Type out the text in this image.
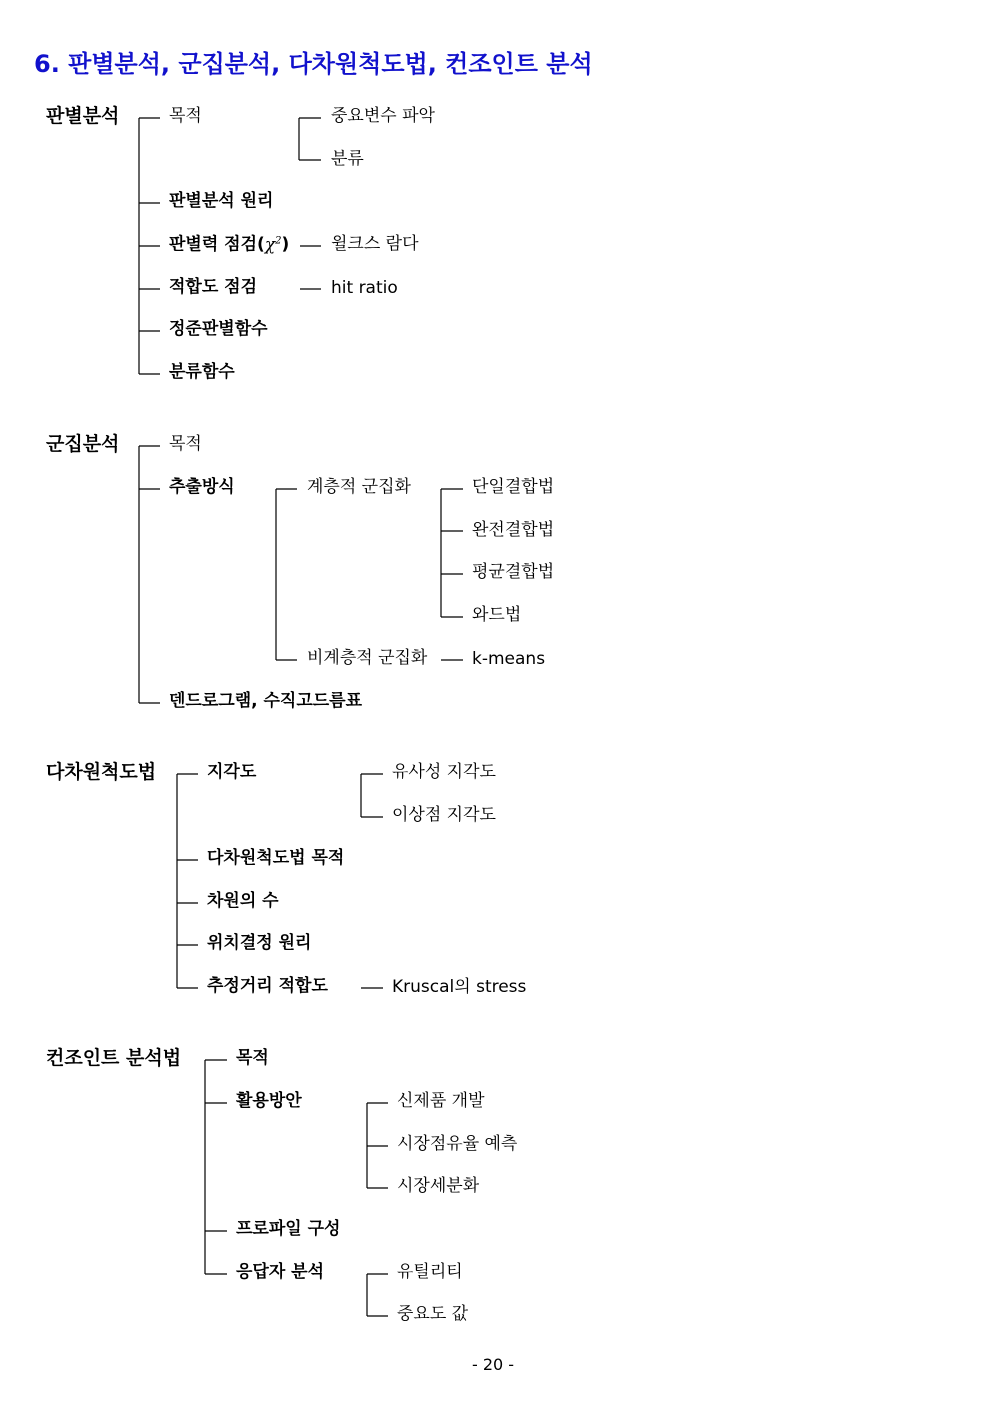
6. 판별분석, 군집분석, 다차원척도법, 컨조인트 분석
판별분석	목적	중요변수 파악
분류
판별분석 원리
판별력 점검$(\chi^2)$ 윌크스 람다
적합도 점검	hit ratio
정준판별함수
분류함수
군집분석	목적
추출방식	계층적 군집화	단일결합법
완전결합법
평균결합법
와드법
비계층적 군집화	k-means
덴드로그램, 수직고드름표
다차원척도법	지각도	유사성 지각도
이상점 지각도
다차원척도법 목적
차원의 수
위치결정 원리
추정거리 적합도	Kruscal의 stress
컨조인트 분석법	목적
활용방안	신제품 개발
시장점유율 예측
시장세분화
프로파일 구성
응답자 분석	유틸리티
중요도 값
- 20 -
